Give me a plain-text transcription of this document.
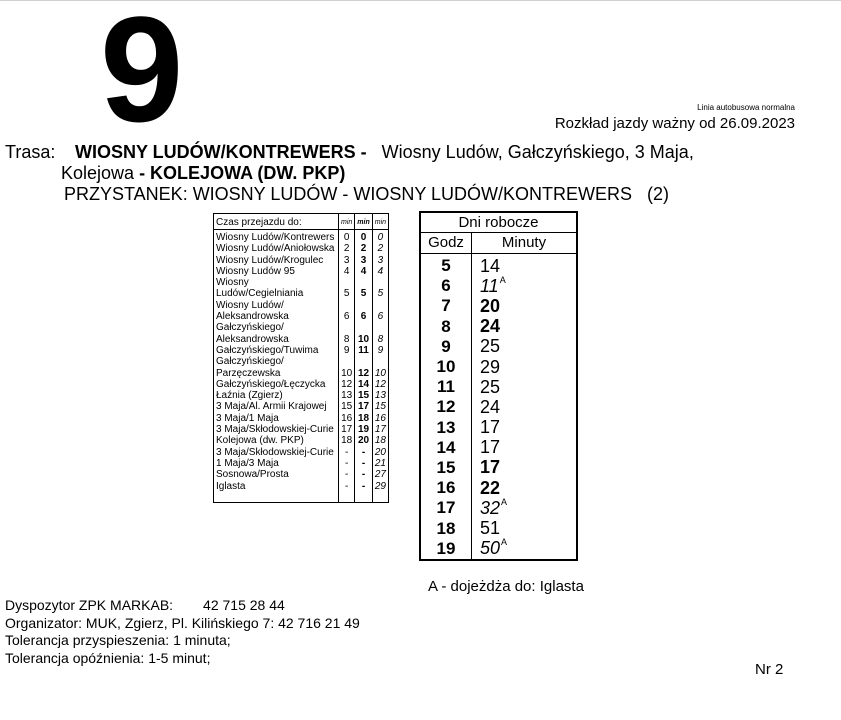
9	Linia autobusowa normalna
Rozkład jazdy ważny od 26.09.2023
Trasa: WIOSNY LUDÓW/KONTREWERS - Wiosny Ludów, Gałczyńskiego, 3 Maja,
Kolejowa - KOLEJOWA (DW. PKP)
PRZYSTANEK: WIOSNY LUDÓW - WIOSNY LUDÓW/KONTREWERS   (2)
Czas przejazdu do:	min	min	min
Wiosny Ludów/Kontrewers	0	0	0
Wiosny Ludów/Aniołowska	2	2	2
Wiosny Ludów/Krogulec	3	3	3
Wiosny Ludów 95	4	4	4
Wiosny Ludów/Cegielniania	5	5	5
Wiosny Ludów/
Aleksandrowska	6	6	6
Gałczyńskiego/
Aleksandrowska	8	10	8
Gałczyńskiego/Tuwima	9	11	9
Gałczyńskiego/
Parzęczewska	10	12	10
Gałczyńskiego/Łęczycka	12	14	12
Łaźnia (Zgierz)	13	15	13
3 Maja/Al. Armii Krajowej	15	17	15
3 Maja/1 Maja	16	18	16
3 Maja/Skłodowskiej-Curie	17	19	17
Kolejowa (dw. PKP)	18	20	18
3 Maja/Skłodowskiej-Curie	-	-	20
1 Maja/3 Maja	-	-	21
Sosnowa/Prosta	-	-	27
Iglasta	-	-	29
Dni robocze
Godz	Minuty
5	14
6	$11^A$
7	20
8	24
9	25
10	29
11	25
12	24
13	17
14	17
15	17
16	22
17	$32^A$
18	51
19	$50^A$
A - dojeżdża do: Iglasta
Dyspozytor ZPK MARKAB: 42 715 28 44
Organizator: MUK, Zgierz, Pl. Kilińskiego 7: 42 716 21 49
Tolerancja przyspieszenia: 1 minuta;
Tolerancja opóźnienia: 1-5 minut;
Nr 2
